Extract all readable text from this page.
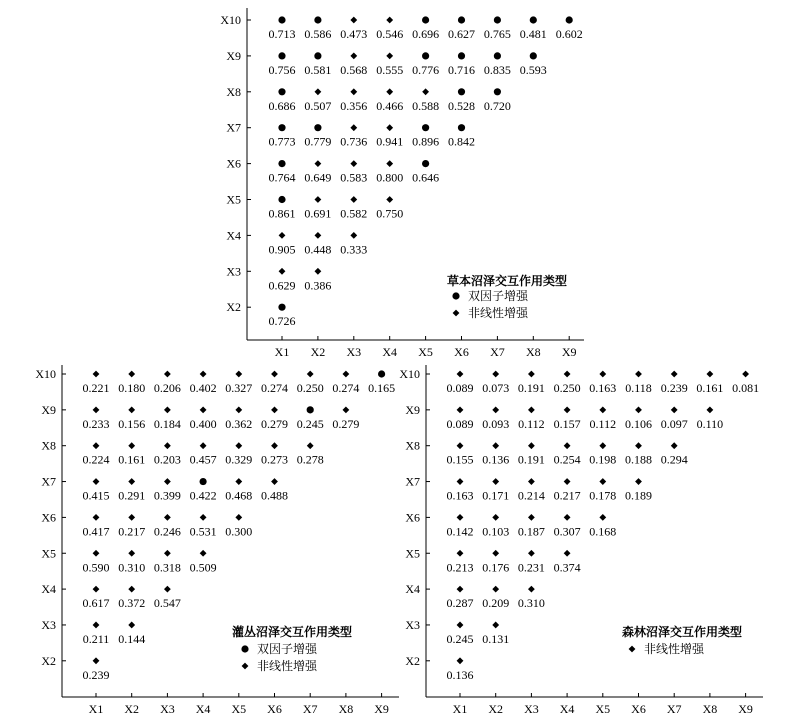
X2
X3
X4
X5
X6
X7
X8
X9
X10
X1 X2 X3 X4 X5 X6 X7 X8 X9
0.713 0.586 0.473 0.546 0.696 0.627 0.765 0.481 0.602
0.756 0.581 0.568 0.555 0.776 0.716 0.835 0.593
0.686 0.507 0.356 0.466 0.588 0.528 0.720
0.773 0.779 0.736 0.941 0.896 0.842
0.764 0.649 0.583 0.800 0.646
0.861 0.691 0.582 0.750
0.905 0.448 0.333
0.629 0.386
0.726
草本沼泽交互作用类型
双因子增强
非线性增强
X2
X3
X4
X5
X6
X7
X8
X9
X10
X1 X2 X3 X4 X5 X6 X7 X8 X9
0.221 0.180 0.206 0.402 0.327 0.274 0.250 0.274 0.165
0.233 0.156 0.184 0.400 0.362 0.279 0.245 0.279
0.224 0.161 0.203 0.457 0.329 0.273 0.278
0.415 0.291 0.399 0.422 0.468 0.488
0.417 0.217 0.246 0.531 0.300
0.590 0.310 0.318 0.509
0.617 0.372 0.547
0.211 0.144
0.239
灌丛沼泽交互作用类型
双因子增强
非线性增强	X2
X3
X4
X5
X6
X7
X8
X9
X10
X1 X2 X3 X4 X5 X6 X7 X8 X9
0.089 0.073 0.191 0.250 0.163 0.118 0.239 0.161 0.081
0.089 0.093 0.112 0.157 0.112 0.106 0.097 0.110
0.155 0.136 0.191 0.254 0.198 0.188 0.294
0.163 0.171 0.214 0.217 0.178 0.189
0.142 0.103 0.187 0.307 0.168
0.213 0.176 0.231 0.374
0.287 0.209 0.310
0.245 0.131
0.136
森林沼泽交互作用类型
非线性增强
